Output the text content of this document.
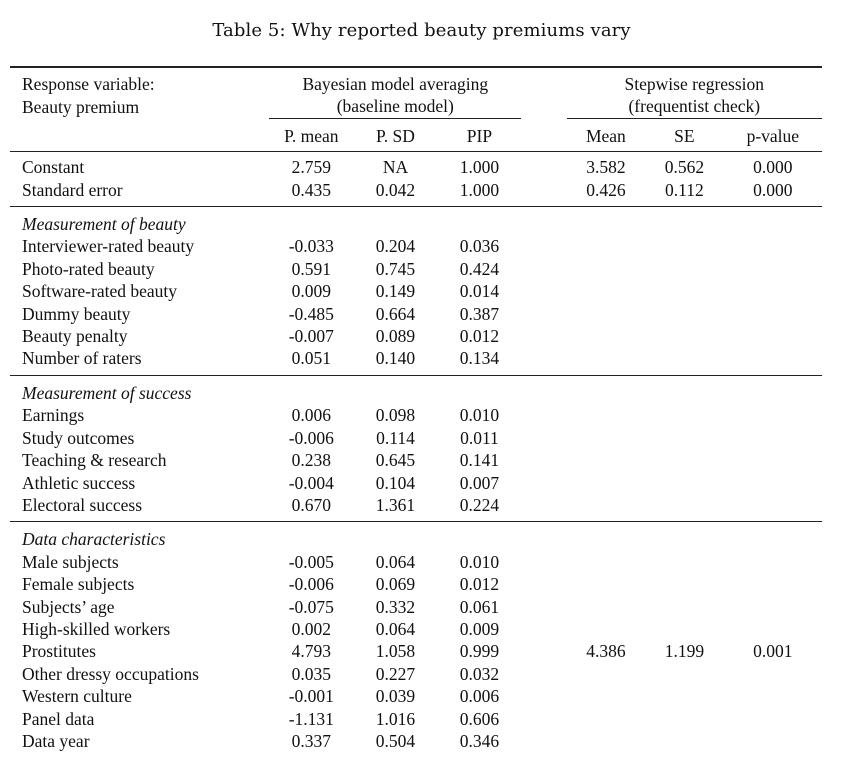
Table 5: Why reported beauty premiums vary
Response variable:	Bayesian model averaging				Stepwise regression		
Beauty premium	(baseline model)				(frequentist check)		
	P. mean	P. SD	PIP		Mean	SE	p-value
Constant	2.759	NA	1.000		3.582	0.562	0.000
Standard error	0.435	0.042	1.000		0.426	0.112	0.000
Measurement of beauty							
Interviewer-rated beauty	-0.033	0.204	0.036				
Photo-rated beauty	0.591	0.745	0.424				
Software-rated beauty	0.009	0.149	0.014				
Dummy beauty	-0.485	0.664	0.387				
Beauty penalty	-0.007	0.089	0.012				
Number of raters	0.051	0.140	0.134				
Measurement of success							
Earnings	0.006	0.098	0.010				
Study outcomes	-0.006	0.114	0.011				
Teaching & research	0.238	0.645	0.141				
Athletic success	-0.004	0.104	0.007				
Electoral success	0.670	1.361	0.224				
Data characteristics							
Male subjects	-0.005	0.064	0.010				
Female subjects	-0.006	0.069	0.012				
Subjects’ age	-0.075	0.332	0.061				
High-skilled workers	0.002	0.064	0.009				
Prostitutes	4.793	1.058	0.999		4.386	1.199	0.001
Other dressy occupations	0.035	0.227	0.032				
Western culture	-0.001	0.039	0.006				
Panel data	-1.131	1.016	0.606				
Data year	0.337	0.504	0.346				
